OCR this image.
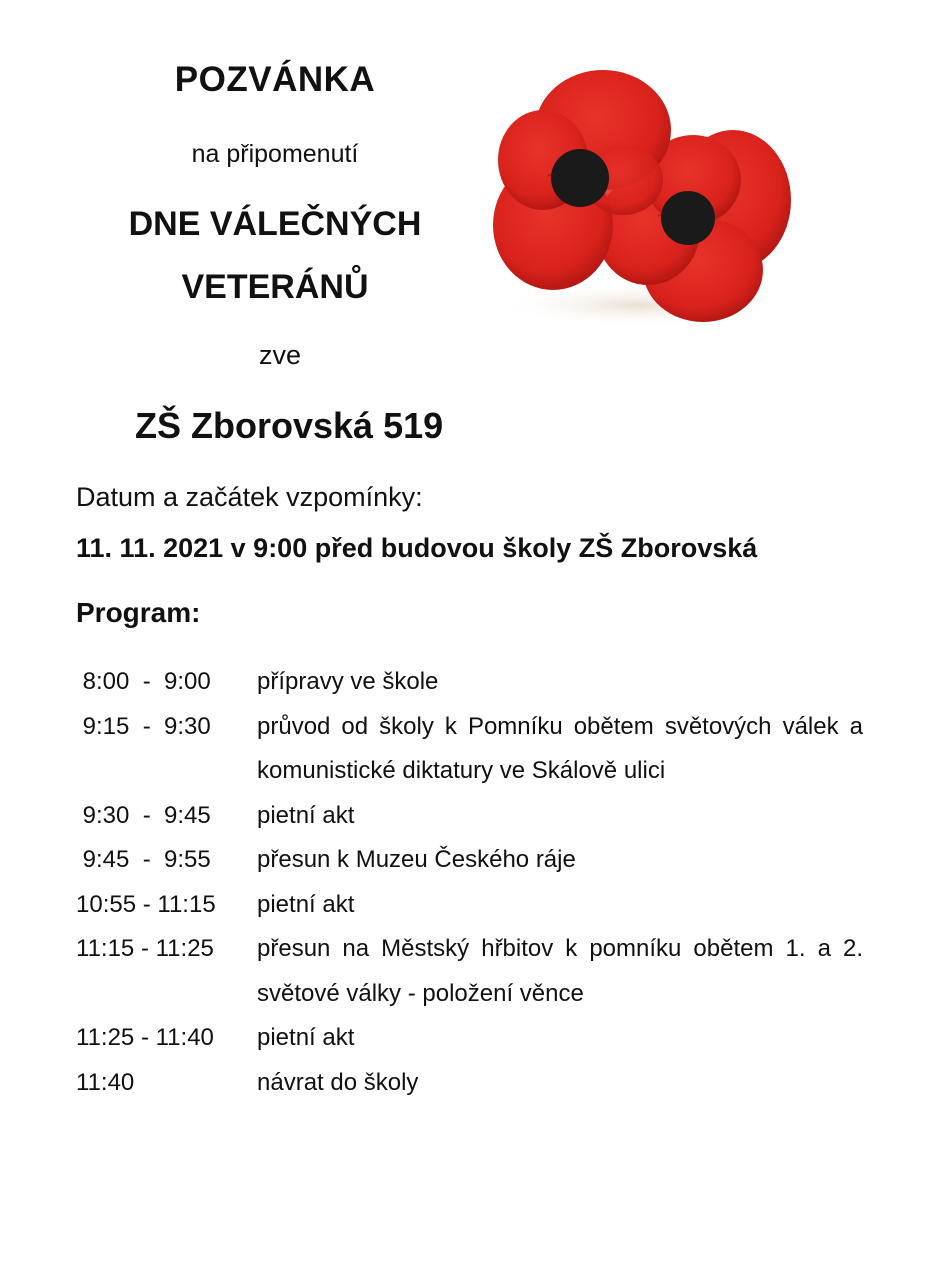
POZVÁNKA
na připomenutí
DNE VÁLEČNÝCH
VETERÁNŮ
zve
ZŠ Zborovská 519
Datum a začátek vzpomínky:
11. 11. 2021 v 9:00 před budovou školy ZŠ Zborovská
Program:
8:00  -  9:00	přípravy ve škole
9:15  -  9:30	průvod od školy k Pomníku obětem světových válek a komunistické diktatury ve Skálově ulici
9:30  -  9:45	pietní akt
9:45  -  9:55	přesun k Muzeu Českého ráje
10:55 - 11:15	pietní akt
11:15 - 11:25	přesun na Městský hřbitov k pomníku obětem 1. a 2. světové války - položení věnce
11:25 - 11:40	pietní akt
11:40	návrat do školy
